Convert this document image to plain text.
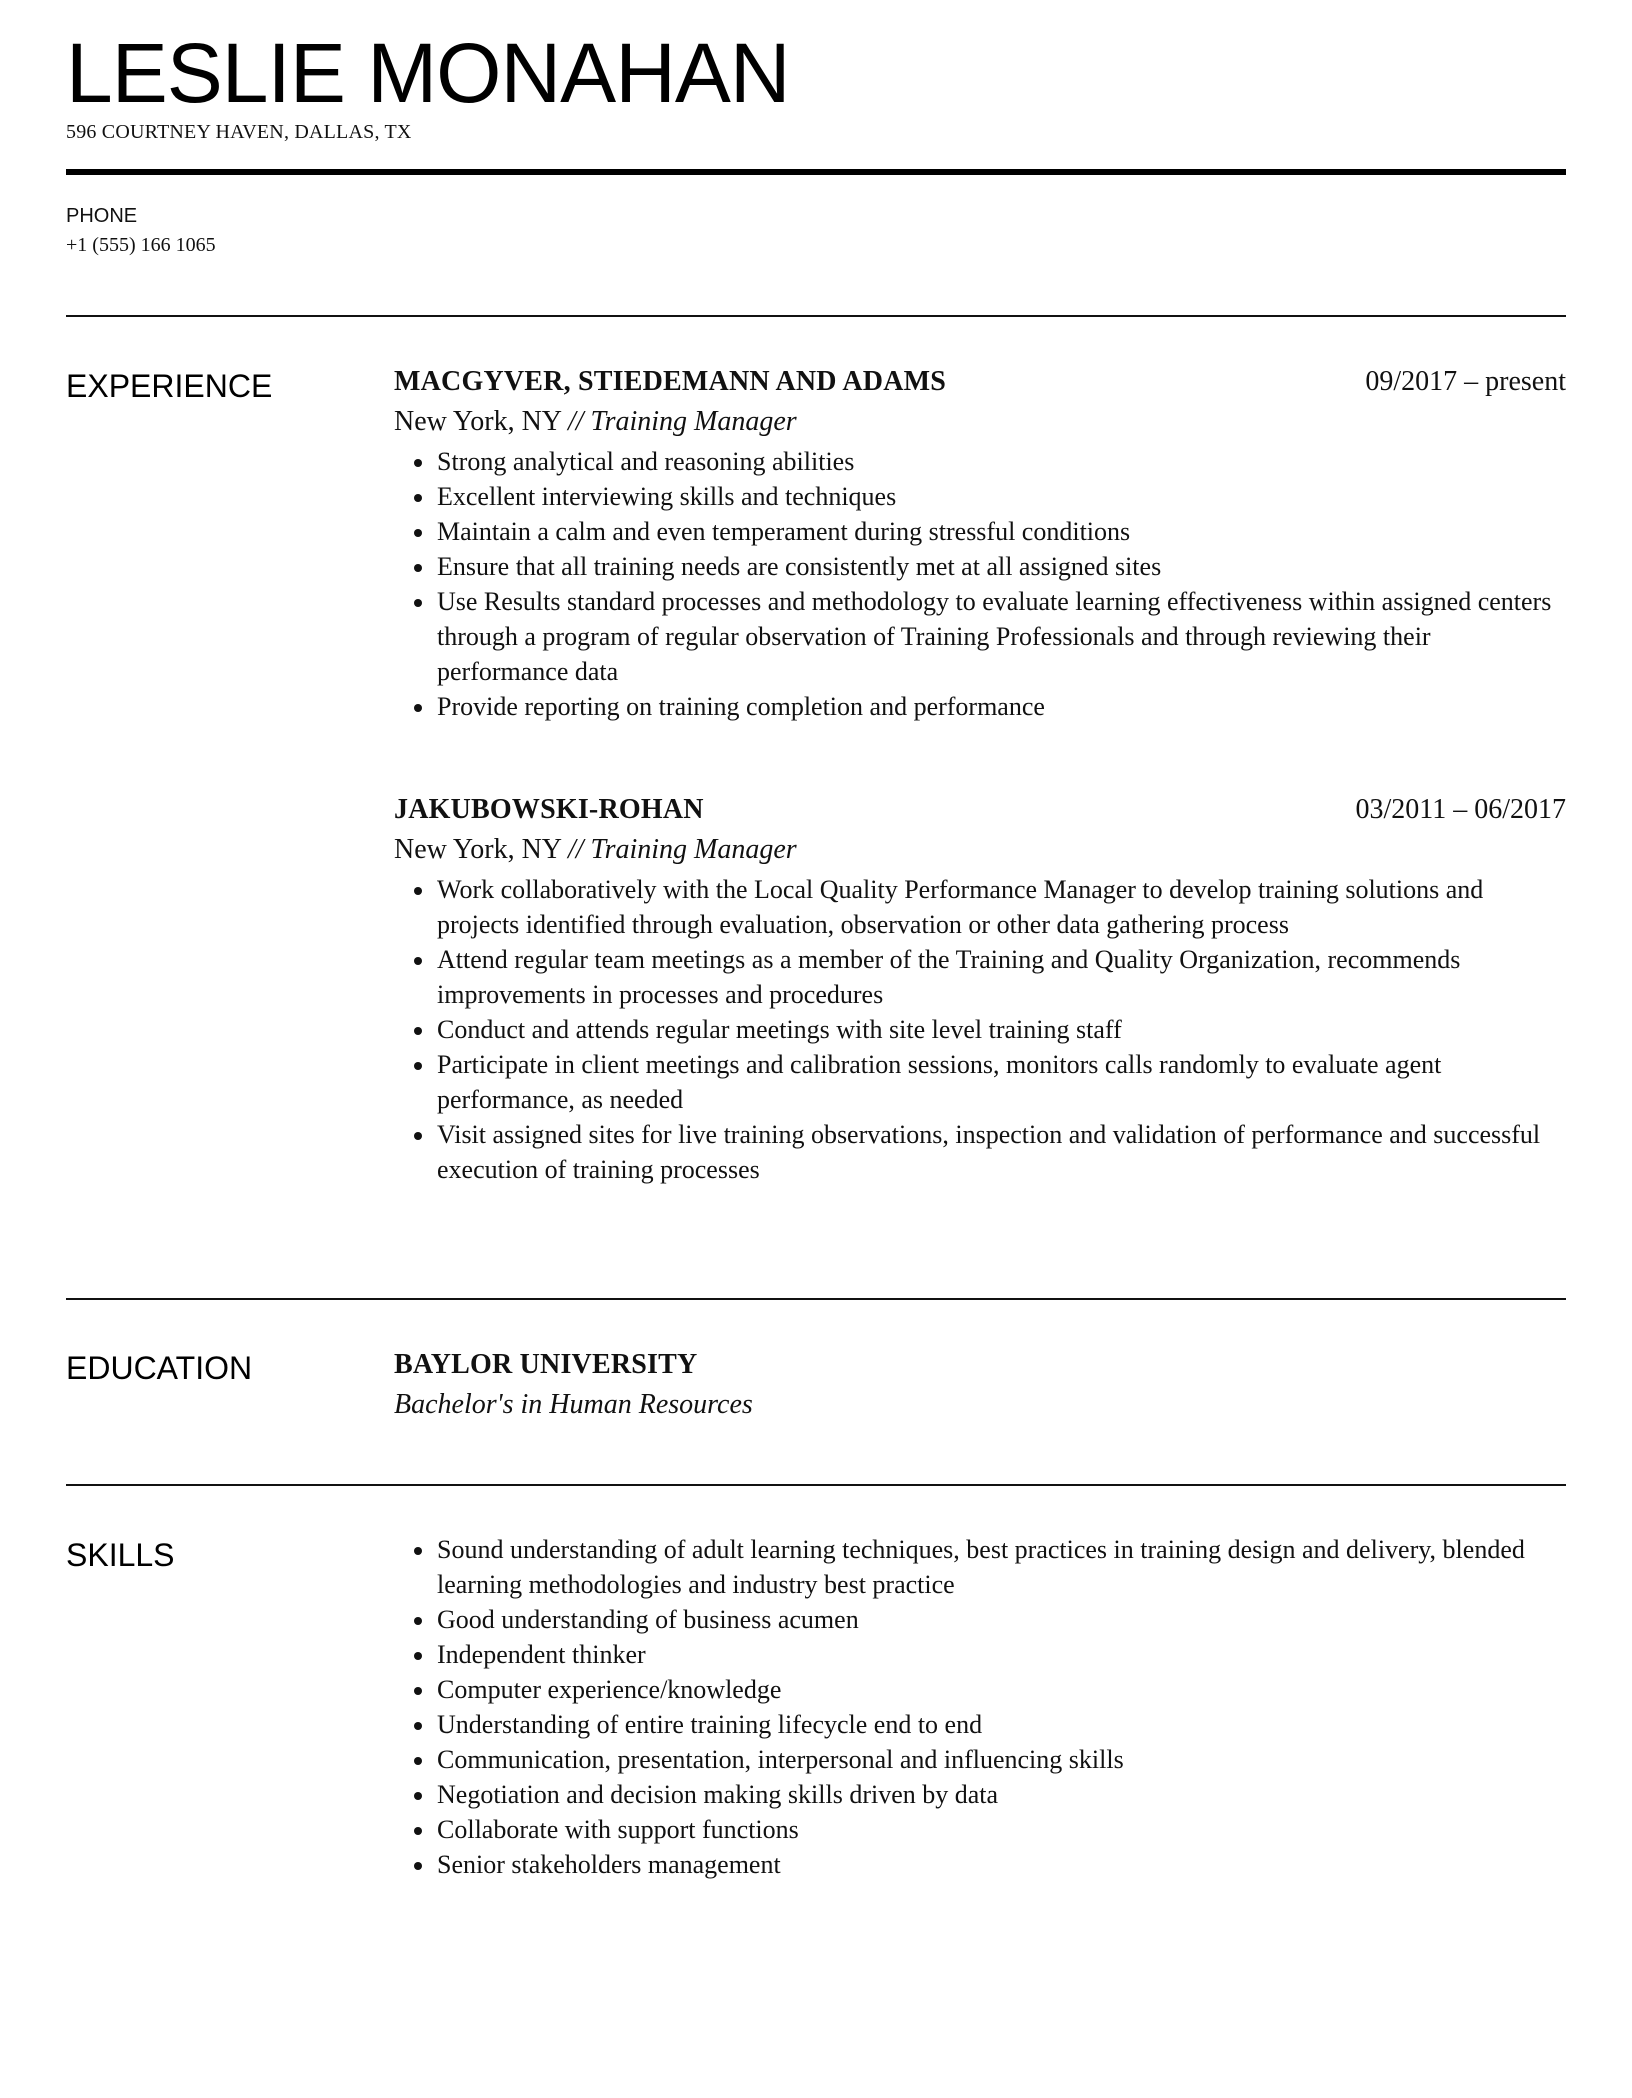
LESLIE MONAHAN
596 COURTNEY HAVEN, DALLAS, TX
PHONE
+1 (555) 166 1065
EXPERIENCE	MACGYVER, STIEDEMANN AND ADAMS	09/2017 – present
New York, NY // Training Manager
Strong analytical and reasoning abilities
Excellent interviewing skills and techniques
Maintain a calm and even temperament during stressful conditions
Ensure that all training needs are consistently met at all assigned sites
Use Results standard processes and methodology to evaluate learning effectiveness within assigned centers through a program of regular observation of Training Professionals and through reviewing their performance data
Provide reporting on training completion and performance
JAKUBOWSKI-ROHAN	03/2011 – 06/2017
New York, NY // Training Manager
Work collaboratively with the Local Quality Performance Manager to develop training solutions and projects identified through evaluation, observation or other data gathering process
Attend regular team meetings as a member of the Training and Quality Organization, recommends improvements in processes and procedures
Conduct and attends regular meetings with site level training staff
Participate in client meetings and calibration sessions, monitors calls randomly to evaluate agent performance, as needed
Visit assigned sites for live training observations, inspection and validation of performance and successful execution of training processes
EDUCATION	BAYLOR UNIVERSITY
Bachelor's in Human Resources
SKILLS	Sound understanding of adult learning techniques, best practices in training design and delivery, blended learning methodologies and industry best practice
Good understanding of business acumen
Independent thinker
Computer experience/knowledge
Understanding of entire training lifecycle end to end
Communication, presentation, interpersonal and influencing skills
Negotiation and decision making skills driven by data
Collaborate with support functions
Senior stakeholders management
